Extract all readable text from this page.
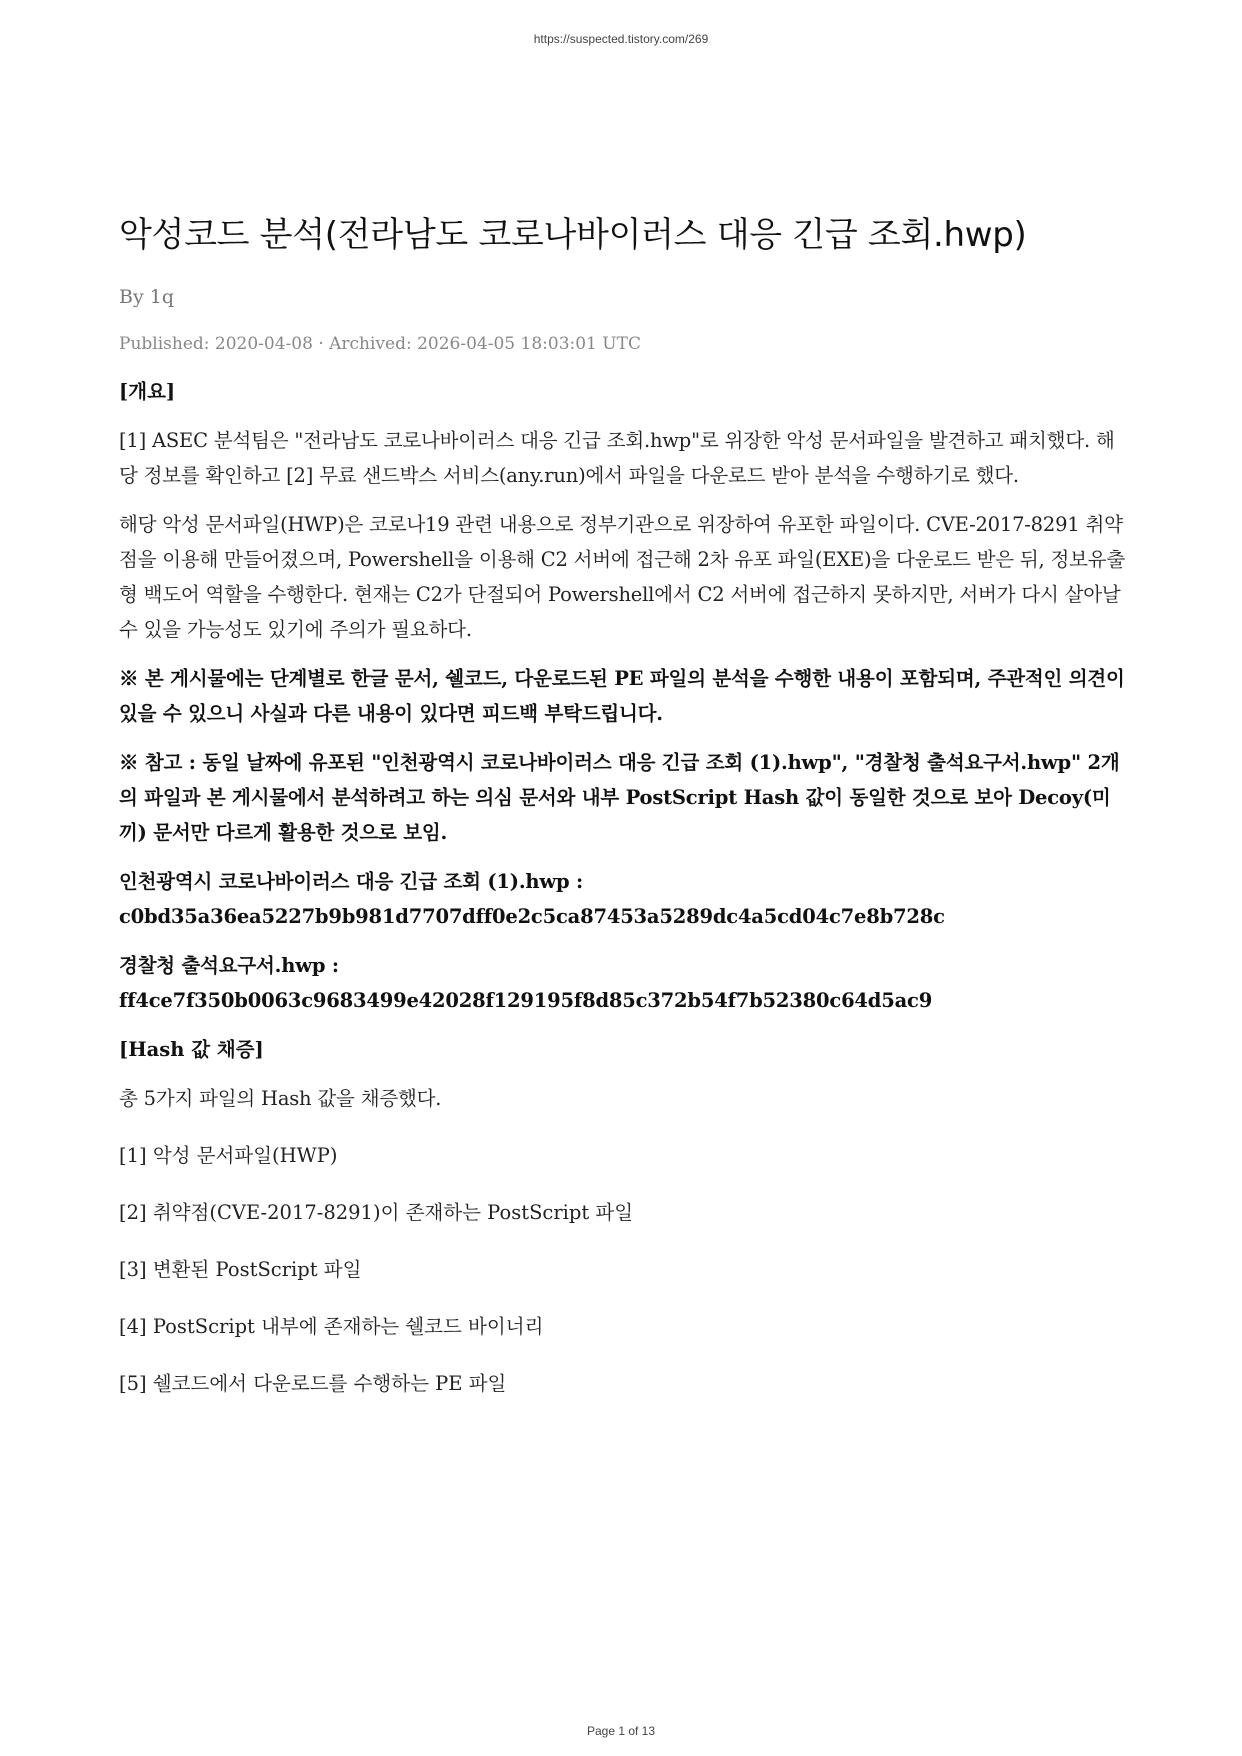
https://suspected.tistory.com/269
악성코드 분석(전라남도 코로나바이러스 대응 긴급 조회.hwp)
By 1q
Published: 2020-04-08 · Archived: 2026-04-05 18:03:01 UTC
[개요]

[1] ASEC 분석팀은 "전라남도 코로나바이러스 대응 긴급 조회.hwp"로 위장한 악성 문서파일을 발견하고 패치했다. 해당 정보를 확인하고 [2] 무료 샌드박스 서비스(any.run)에서 파일을 다운로드 받아 분석을 수행하기로 했다.

해당 악성 문서파일(HWP)은 코로나19 관련 내용으로 정부기관으로 위장하여 유포한 파일이다. CVE-2017-8291 취약점을 이용해 만들어졌으며, Powershell을 이용해 C2 서버에 접근해 2차 유포 파일(EXE)을 다운로드 받은 뒤, 정보유출형 백도어 역할을 수행한다. 현재는 C2가 단절되어 Powershell에서 C2 서버에 접근하지 못하지만, 서버가 다시 살아날 수 있을 가능성도 있기에 주의가 필요하다.

※ 본 게시물에는 단계별로 한글 문서, 쉘코드, 다운로드된 PE 파일의 분석을 수행한 내용이 포함되며, 주관적인 의견이 있을 수 있으니 사실과 다른 내용이 있다면 피드백 부탁드립니다.

※ 참고 : 동일 날짜에 유포된 "인천광역시 코로나바이러스 대응 긴급 조회 (1).hwp", "경찰청 출석요구서.hwp" 2개의 파일과 본 게시물에서 분석하려고 하는 의심 문서와 내부 PostScript Hash 값이 동일한 것으로 보아 Decoy(미끼) 문서만 다르게 활용한 것으로 보임.

인천광역시 코로나바이러스 대응 긴급 조회 (1).hwp :
c0bd35a36ea5227b9b981d7707dff0e2c5ca87453a5289dc4a5cd04c7e8b728c

경찰청 출석요구서.hwp : ff4ce7f350b0063c9683499e42028f129195f8d85c372b54f7b52380c64d5ac9

[Hash 값 채증]

총 5가지 파일의 Hash 값을 채증했다.

[1] 악성 문서파일(HWP)
[2] 취약점(CVE-2017-8291)이 존재하는 PostScript 파일
[3] 변환된 PostScript 파일
[4] PostScript 내부에 존재하는 쉘코드 바이너리
[5] 쉘코드에서 다운로드를 수행하는 PE 파일
Page 1 of 13
